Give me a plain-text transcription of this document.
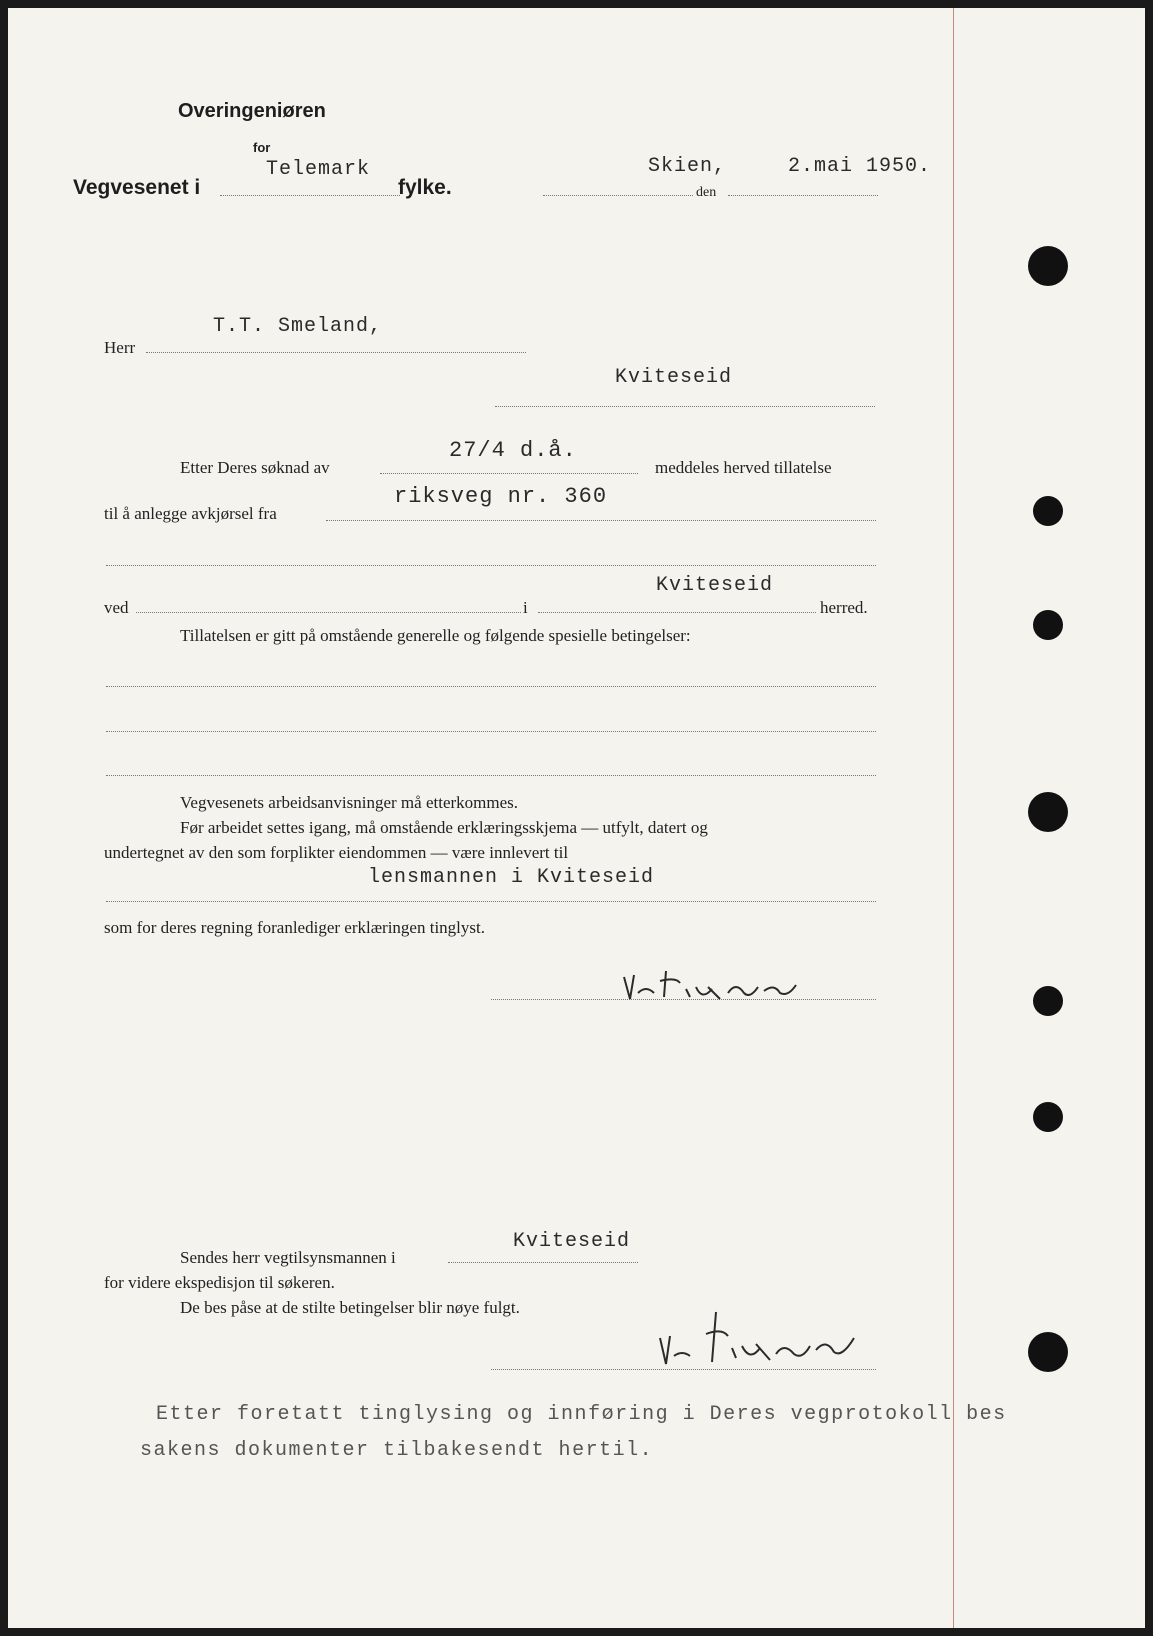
Overingeniøren
for
Vegvesenet i
Telemark
fylke.
Skien,
den
2.mai 1950.
Herr
T.T. Smeland,
Kviteseid
Etter Deres søknad av
27/4 d.å.
meddeles herved tillatelse
til å anlegge avkjørsel fra
riksveg nr. 360
ved	i
Kviteseid
herred.
Tillatelsen er gitt på omstående generelle og følgende spesielle betingelser:
Vegvesenets arbeidsanvisninger må etterkommes.
Før arbeidet settes igang, må omstående erklæringsskjema — utfylt, datert og
undertegnet av den som forplikter eiendommen — være innlevert til
lensmannen i Kviteseid
som for deres regning foranlediger erklæringen tinglyst.
Sendes herr vegtilsynsmannen i
Kviteseid
for videre ekspedisjon til søkeren.
De bes påse at de stilte betingelser blir nøye fulgt.
Etter foretatt tinglysing og innføring i Deres vegprotokoll bes
sakens dokumenter tilbakesendt hertil.
